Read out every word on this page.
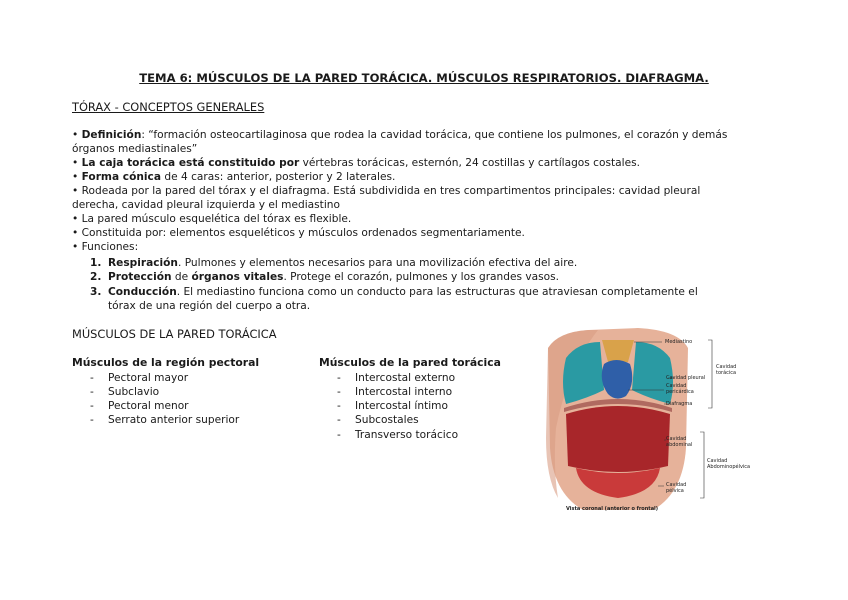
TEMA 6: MÚSCULOS DE LA PARED TORÁCICA. MÚSCULOS RESPIRATORIOS. DIAFRAGMA.
TÓRAX - CONCEPTOS GENERALES
• Definición: “formación osteocartilaginosa que rodea la cavidad torácica, que contiene los pulmones, el corazón y demás
órganos mediastinales”
• La caja torácica está constituido por vértebras torácicas, esternón, 24 costillas y cartílagos costales.
• Forma cónica de 4 caras: anterior, posterior y 2 laterales.
• Rodeada por la pared del tórax y el diafragma. Está subdividida en tres compartimentos principales: cavidad pleural
derecha, cavidad pleural izquierda y el mediastino
• La pared músculo esquelética del tórax es flexible.
• Constituida por: elementos esqueléticos y músculos ordenados segmentariamente.
• Funciones:
1. Respiración. Pulmones y elementos necesarios para una movilización efectiva del aire.
2. Protección de órganos vitales. Protege el corazón, pulmones y los grandes vasos.
3. Conducción. El mediastino funciona como un conducto para las estructuras que atraviesan completamente el
tórax de una región del cuerpo a otra.
MÚSCULOS DE LA PARED TORÁCICA
Músculos de la región pectoral
- Pectoral mayor
- Subclavio
- Pectoral menor
- Serrato anterior superior
Músculos de la pared torácica
- Intercostal externo
- Intercostal interno
- Intercostal íntimo
- Subcostales
- Transverso torácico
Mediastino
Cavidad pleural
Cavidad
pericárdica
Diafragma
Cavidad
torácica
Cavidad
abdominal
Cavidad
Abdominopélvica
Cavidad
pélvica
Vista coronal (anterior o frontal)
